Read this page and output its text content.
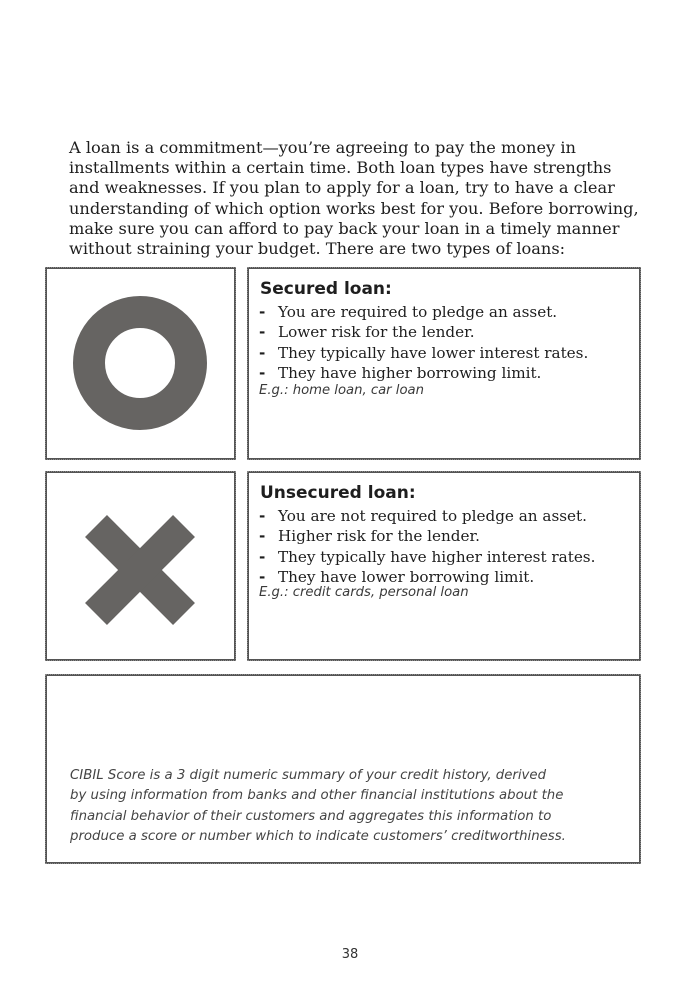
A loan is a commitment—you’re agreeing to pay the money in
installments within a certain time. Both loan types have strengths
and weaknesses. If you plan to apply for a loan, try to have a clear
understanding of which option works best for you. Before borrowing,
make sure you can afford to pay back your loan in a timely manner
without straining your budget. There are two types of loans:
Secured loan:
- You are required to pledge an asset.
- Lower risk for the lender.
- They typically have lower interest rates.
- They have higher borrowing limit.
E.g.: home loan, car loan
Unsecured loan:
- You are not required to pledge an asset.
- Higher risk for the lender.
- They typically have higher interest rates.
- They have lower borrowing limit.
E.g.: credit cards, personal loan
CIBIL Score is a 3 digit numeric summary of your credit history, derived
by using information from banks and other financial institutions about the
financial behavior of their customers and aggregates this information to
produce a score or number which to indicate customers’ creditworthiness.
38
